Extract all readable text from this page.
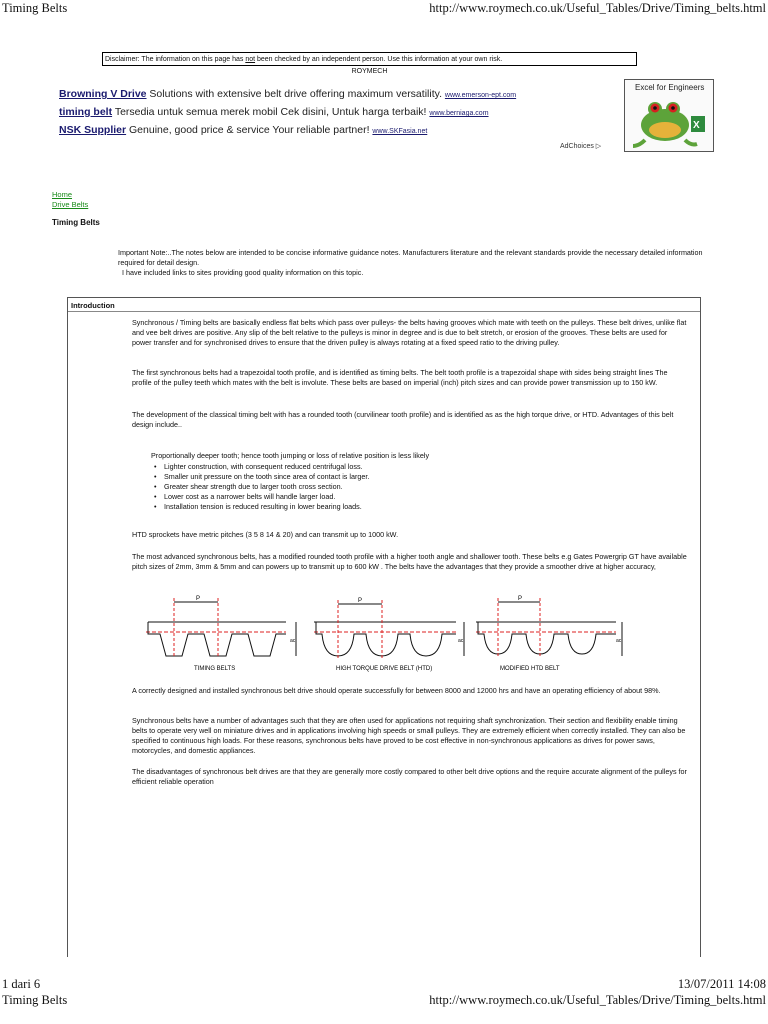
Timing Belts	http://www.roymech.co.uk/Useful_Tables/Drive/Timing_belts.html
Disclaimer: The information on this page has not been checked by an independent person. Use this information at your own risk.
ROYMECH
Browning V Drive Solutions with extensive belt drive offering maximum versatility. www.emerson-ept.com
timing belt Tersedia untuk semua merek mobil Cek disini, Untuk harga terbaik! www.berniaga.com
NSK Supplier Genuine, good price & service Your reliable partner! www.SKFasia.net
AdChoices ▷
Excel for Engineers
X
Home
Drive Belts
Timing Belts
Important Note:..The notes below are intended to be concise informative guidance notes. Manufacturers literature and the relevant standards provide the necessary detailed information required for detail design.
I have included links to sites providing good quality information on this topic.
Introduction
Synchronous / Timing belts are basically endless flat belts which pass over pulleys- the belts having grooves which mate with teeth on the pulleys. These belt drives, unlike flat and vee belt drives are positive. Any slip of the belt relative to the pulleys is minor in degree and is due to belt stretch, or erosion of the grooves. These belts are used for power transfer and for synchronised drives to ensure that the driven pulley is always rotating at a fixed speed ratio to the driving pulley.
The first synchronous belts had a trapezoidal tooth profile, and is identified as timing belts. The belt tooth profile is a trapezoidal shape with sides being straight lines The profile of the pulley teeth which mates with the belt is involute. These belts are based on imperial (inch) pitch sizes and can provide power transmission up to 150 kW.
The development of the classical timing belt with has a rounded tooth (curvilinear tooth profile) and is identified as as the high torque drive, or HTD. Advantages of this belt design include..
Proportionally deeper tooth; hence tooth jumping or loss of relative position is less likely
• Lighter construction, with consequent reduced centrifugal loss.
• Smaller unit pressure on the tooth since area of contact is larger.
• Greater shear strength due to larger tooth cross section.
• Lower cost as a narrower belts will handle larger load.
• Installation tension is reduced resulting in lower bearing loads.
HTD sprockets have metric pitches (3 5 8 14 & 20) and can transmit up to 1000 kW.
The most advanced synchronous belts, has a modified rounded tooth profile with a higher tooth angle and shallower tooth. These belts e.g Gates Powergrip GT have available pitch sizes of 2mm, 3mm & 5mm and can powers up to transmit up to 600 kW . The belts have the advantages that they provide a smoother drive at higher accuracy,
P	P	P
ac	ac	ac
TIMING BELTS	HIGH TORQUE DRIVE BELT (HTD)	MODIFIED HTD BELT
A correctly designed and installed synchronous belt drive should operate successfully for between 8000 and 12000 hrs and have an operating efficiency of about 98%.
Synchronous belts have a number of advantages such that they are often used for applications not requiring shaft synchronization. Their section and flexibility enable timing belts to operate very well on miniature drives and in applications involving high speeds or small pulleys. They are extremely efficient when correctly installed. They can also be specified to continuous high loads. For these reasons, synchronous belts have proved to be cost effective in non-synchronous applications as drives for power saws, motorcycles, and domestic appliances.
The disadvantages of synchronous belt drives are that they are generally more costly compared to other belt drive options and the require accurate alignment of the pulleys for efficient reliable operation
1 dari 6	13/07/2011 14:08
Timing Belts	http://www.roymech.co.uk/Useful_Tables/Drive/Timing_belts.html
